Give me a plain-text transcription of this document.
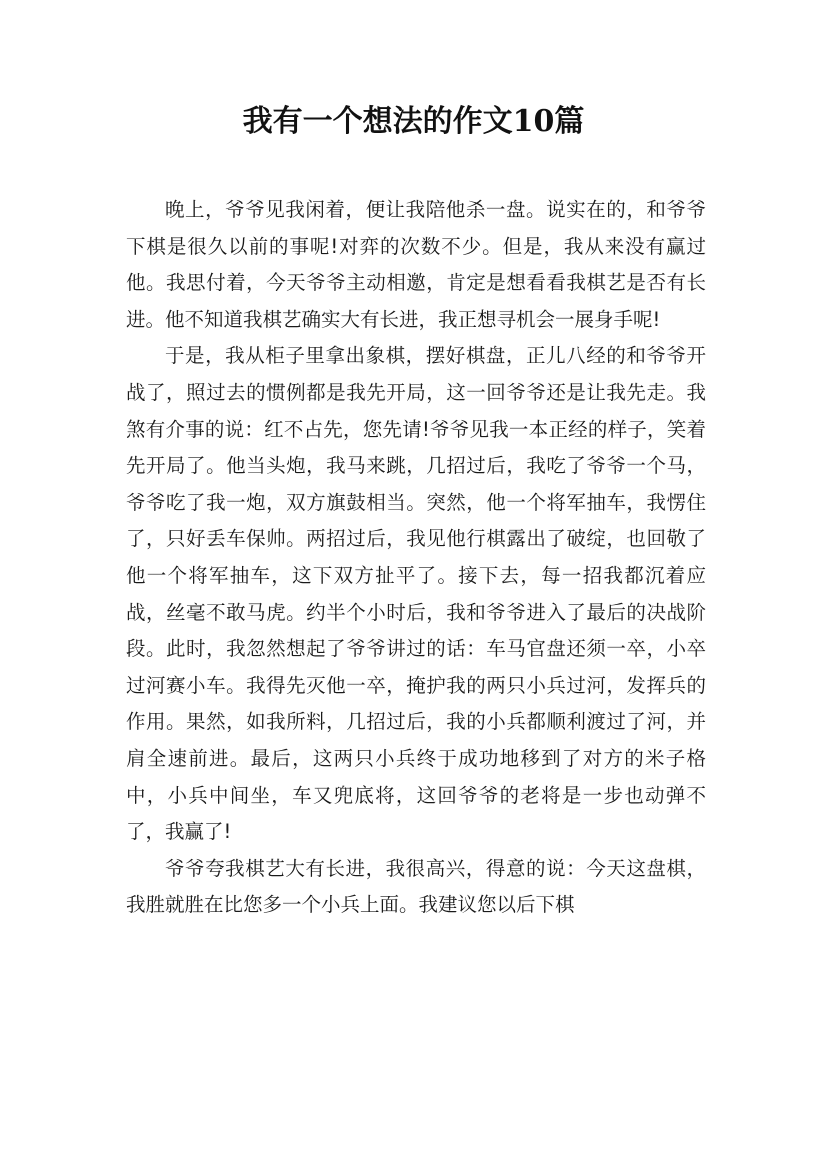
我有一个想法的作文10篇

晚上，爷爷见我闲着，便让我陪他杀一盘。说实在的，和爷爷下棋是很久以前的事呢!对弈的次数不少。但是，我从来没有赢过他。我思付着，今天爷爷主动相邀，肯定是想看看我棋艺是否有长进。他不知道我棋艺确实大有长进，我正想寻机会一展身手呢!

于是，我从柜子里拿出象棋，摆好棋盘，正儿八经的和爷爷开战了，照过去的惯例都是我先开局，这一回爷爷还是让我先走。我煞有介事的说：红不占先，您先请!爷爷见我一本正经的样子，笑着先开局了。他当头炮，我马来跳，几招过后，我吃了爷爷一个马，爷爷吃了我一炮，双方旗鼓相当。突然，他一个将军抽车，我愣住了，只好丢车保帅。两招过后，我见他行棋露出了破绽，也回敬了他一个将军抽车，这下双方扯平了。接下去，每一招我都沉着应战，丝毫不敢马虎。约半个小时后，我和爷爷进入了最后的决战阶段。此时，我忽然想起了爷爷讲过的话：车马官盘还须一卒，小卒过河赛小车。我得先灭他一卒，掩护我的两只小兵过河，发挥兵的作用。果然，如我所料，几招过后，我的小兵都顺利渡过了河，并肩全速前进。最后，这两只小兵终于成功地移到了对方的米子格中，小兵中间坐，车又兜底将，这回爷爷的老将是一步也动弹不了，我赢了!

爷爷夸我棋艺大有长进，我很高兴，得意的说：今天这盘棋，我胜就胜在比您多一个小兵上面。我建议您以后下棋
